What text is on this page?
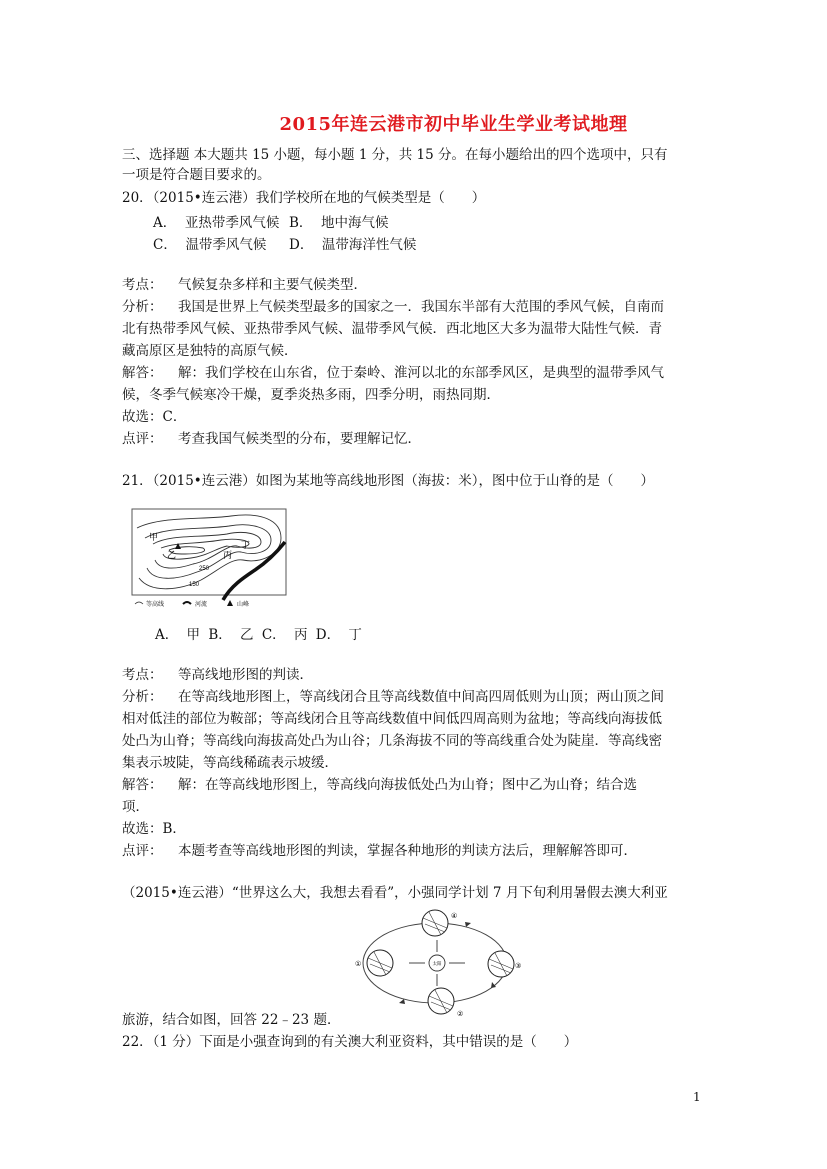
2015年连云港市初中毕业生学业考试地理
三、选择题 本大题共 15 小题，每小题 1 分，共 15 分。在每小题给出的四个选项中，只有
一项是符合题目要求的。
20．（2015•连云港）我们学校所在地的气候类型是（　　）
A． 亚热带季风气候 B． 地中海气候
C． 温带季风气候 D． 温带海洋性气候
考点： 气候复杂多样和主要气候类型．
分析： 我国是世界上气候类型最多的国家之一．我国东半部有大范围的季风气候，自南而
北有热带季风气候、亚热带季风气候、温带季风气候．西北地区大多为温带大陆性气候．青
藏高原区是独特的高原气候．
解答： 解：我们学校在山东省，位于秦岭、淮河以北的东部季风区，是典型的温带季风气
候，冬季气候寒冷干燥，夏季炎热多雨，四季分明，雨热同期．
故选：C．
点评： 考查我国气候类型的分布，要理解记忆．
21．（2015•连云港）如图为某地等高线地形图（海拔：米），图中位于山脊的是（　　）
甲
乙	丙
丁
250
150
等高线	河流	山峰
A． 甲 B． 乙 C． 丙 D． 丁
考点： 等高线地形图的判读．
分析： 在等高线地形图上，等高线闭合且等高线数值中间高四周低则为山顶；两山顶之间
相对低洼的部位为鞍部；等高线闭合且等高线数值中间低四周高则为盆地；等高线向海拔低
处凸为山脊；等高线向海拔高处凸为山谷；几条海拔不同的等高线重合处为陡崖．等高线密
集表示坡陡，等高线稀疏表示坡缓．
解答： 解：在等高线地形图上，等高线向海拔低处凸为山脊；图中乙为山脊；结合选
项．
故选：B．
点评： 本题考查等高线地形图的判读，掌握各种地形的判读方法后，理解解答即可．
（2015•连云港）“世界这么大，我想去看看”，小强同学计划 7 月下旬利用暑假去澳大利亚
太阳
①
②
③
④
旅游，结合如图，回答 22﹣23 题．
22．（1 分）下面是小强查询到的有关澳大利亚资料，其中错误的是（　　）
1
